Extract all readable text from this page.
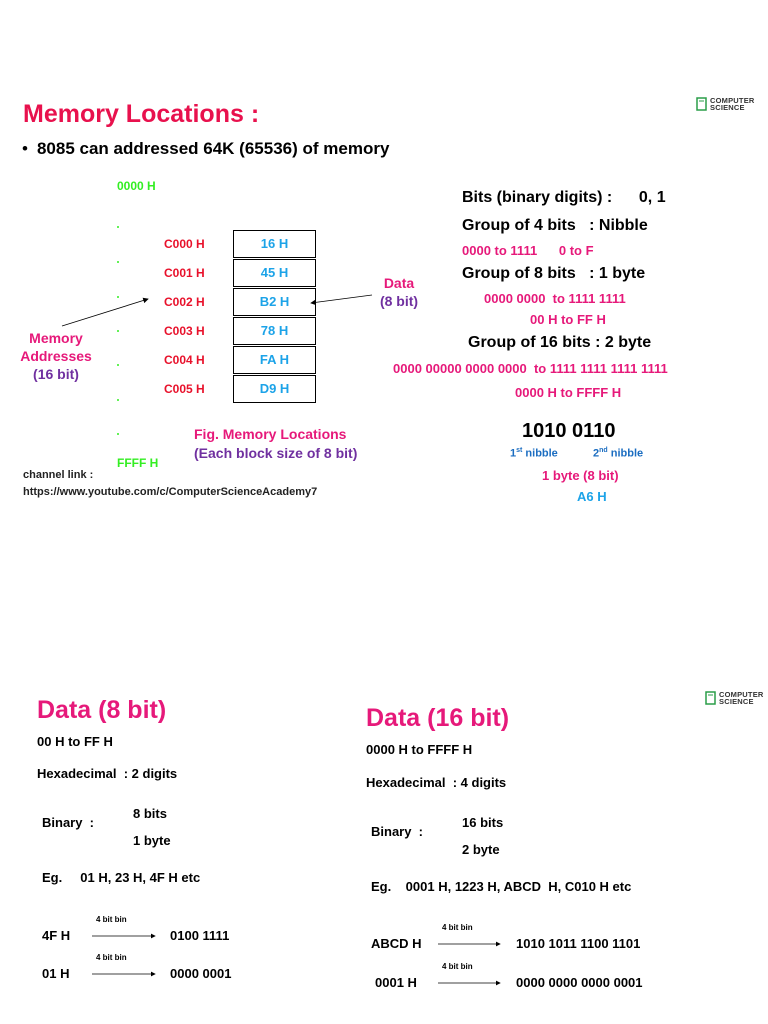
Memory Locations :	COMPUTER
SCIENCE
• 8085 can addressed 64K (65536) of memory
0000 H
FFFF H
C000 H
C001 H
C002 H
C003 H
C004 H
C005 H
16 H
45 H
B2 H
78 H
FA H
D9 H
Memory
Addresses
(16 bit)
Data
(8 bit)
Fig. Memory Locations
(Each block size of 8 bit)
channel link :
https://www.youtube.com/c/ComputerScienceAcademy7
Bits (binary digits) :      0, 1
Group of 4 bits   : Nibble
0000 to 1111      0 to F
Group of 8 bits   : 1 byte
0000 0000  to 1111 1111
00 H to FF H
Group of 16 bits : 2 byte
0000 00000 0000 0000  to 1111 1111 1111 1111
0000 H to FFFF H
1010 0110
1st nibble	2nd nibble
1 byte (8 bit)
A6 H
COMPUTER
SCIENCE
Data (8 bit)
00 H to FF H
Hexadecimal  : 2 digits
Binary  :
8 bits
1 byte
Eg.     01 H, 23 H, 4F H etc
4F H
4 bit bin
0100 1111
01 H
4 bit bin
0000 0001
Data (16 bit)
0000 H to FFFF H
Hexadecimal  : 4 digits
Binary  :
16 bits
2 byte
Eg.    0001 H, 1223 H, ABCD  H, C010 H etc
ABCD H
4 bit bin
1010 1011 1100 1101
0001 H
4 bit bin
0000 0000 0000 0001
